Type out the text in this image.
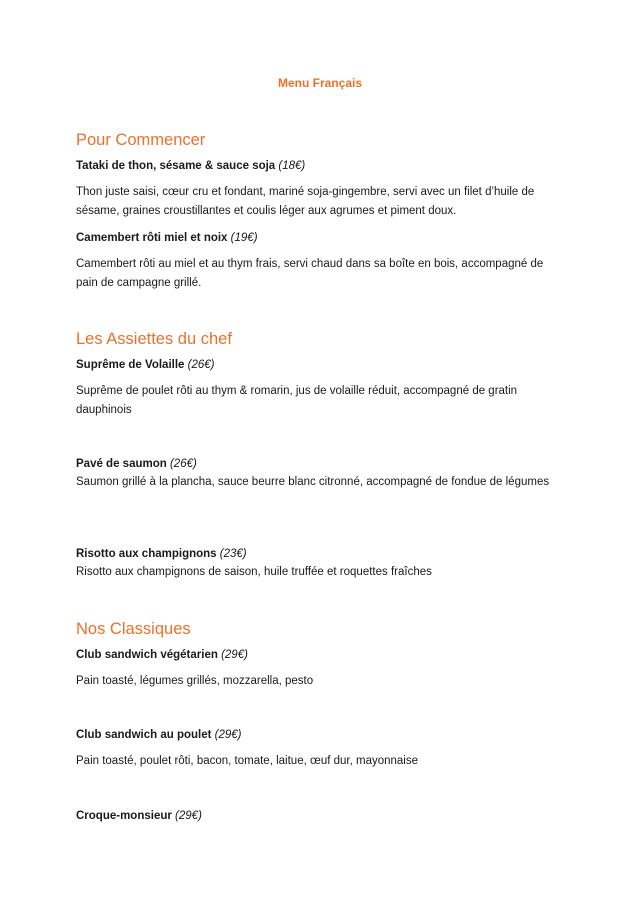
Menu Français
Pour Commencer

Tataki de thon, sésame & sauce soja (18€)

Thon juste saisi, cœur cru et fondant, mariné soja-gingembre, servi avec un filet d’huile de sésame, graines croustillantes et coulis léger aux agrumes et piment doux.

Camembert rôti miel et noix (19€)

Camembert rôti au miel et au thym frais, servi chaud dans sa boîte en bois, accompagné de pain de campagne grillé.

Les Assiettes du chef

Suprême de Volaille (26€)

Suprême de poulet rôti au thym & romarin, jus de volaille réduit, accompagné de gratin dauphinois

Pavé de saumon (26€)

Saumon grillé à la plancha, sauce beurre blanc citronné, accompagné de fondue de légumes

Risotto aux champignons (23€)

Risotto aux champignons de saison, huile truffée et roquettes fraîches

Nos Classiques

Club sandwich végétarien (29€)

Pain toasté, légumes grillés, mozzarella, pesto

Club sandwich au poulet (29€)

Pain toasté, poulet rôti, bacon, tomate, laitue, œuf dur, mayonnaise

Croque-monsieur (29€)
